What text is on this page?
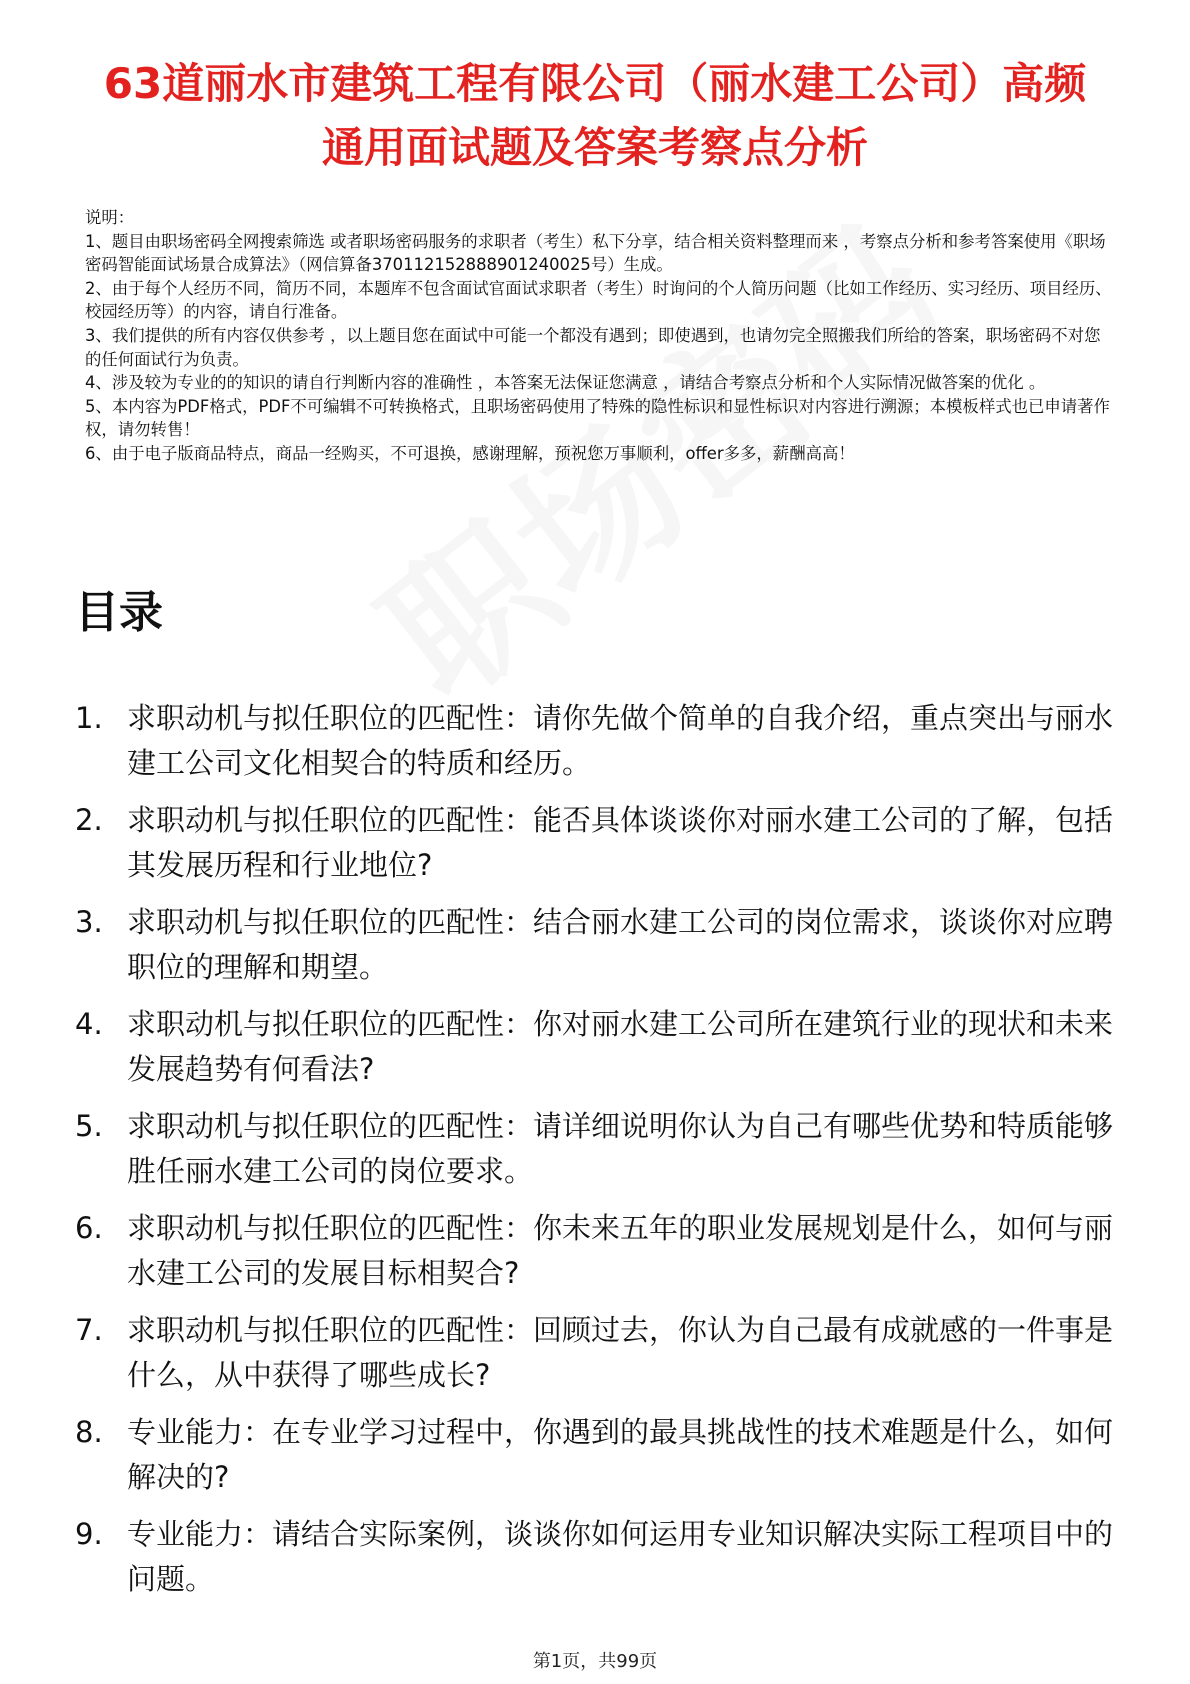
63道丽水市建筑工程有限公司（丽水建工公司）高频通用面试题及答案考察点分析

说明：

1、题目由职场密码全网搜索筛选 或者职场密码服务的求职者（考生）私下分享，结合相关资料整理而来 ，考察点分析和参考答案使用《职场密码智能面试场景合成算法》（网信算备370112152888901240025号）生成。

2、由于每个人经历不同，简历不同，本题库不包含面试官面试求职者（考生）时询问的个人简历问题（比如工作经历、实习经历、项目经历、校园经历等）的内容，请自行准备。

3、我们提供的所有内容仅供参考 ，以上题目您在面试中可能一个都没有遇到；即使遇到，也请勿完全照搬我们所给的答案，职场密码不对您的任何面试行为负责。

4、涉及较为专业的的知识的请自行判断内容的准确性 ，本答案无法保证您满意 ，请结合考察点分析和个人实际情况做答案的优化 。

5、本内容为PDF格式，PDF不可编辑不可转换格式，且职场密码使用了特殊的隐性标识和显性标识对内容进行溯源；本模板样式也已申请著作权，请勿转售！

6、由于电子版商品特点，商品一经购买，不可退换，感谢理解，预祝您万事顺利，offer多多，薪酬高高！

目录
1. 求职动机与拟任职位的匹配性：请你先做个简单的自我介绍，重点突出与丽水建工公司文化相契合的特质和经历。
2. 求职动机与拟任职位的匹配性：能否具体谈谈你对丽水建工公司的了解，包括其发展历程和行业地位?
3. 求职动机与拟任职位的匹配性：结合丽水建工公司的岗位需求，谈谈你对应聘职位的理解和期望。
4. 求职动机与拟任职位的匹配性：你对丽水建工公司所在建筑行业的现状和未来发展趋势有何看法?
5. 求职动机与拟任职位的匹配性：请详细说明你认为自己有哪些优势和特质能够胜任丽水建工公司的岗位要求。
6. 求职动机与拟任职位的匹配性：你未来五年的职业发展规划是什么，如何与丽水建工公司的发展目标相契合?
7. 求职动机与拟任职位的匹配性：回顾过去，你认为自己最有成就感的一件事是什么，从中获得了哪些成长?
8. 专业能力：在专业学习过程中，你遇到的最具挑战性的技术难题是什么，如何解决的?
9. 专业能力：请结合实际案例，谈谈你如何运用专业知识解决实际工程项目中的问题。
第1页，共99页
